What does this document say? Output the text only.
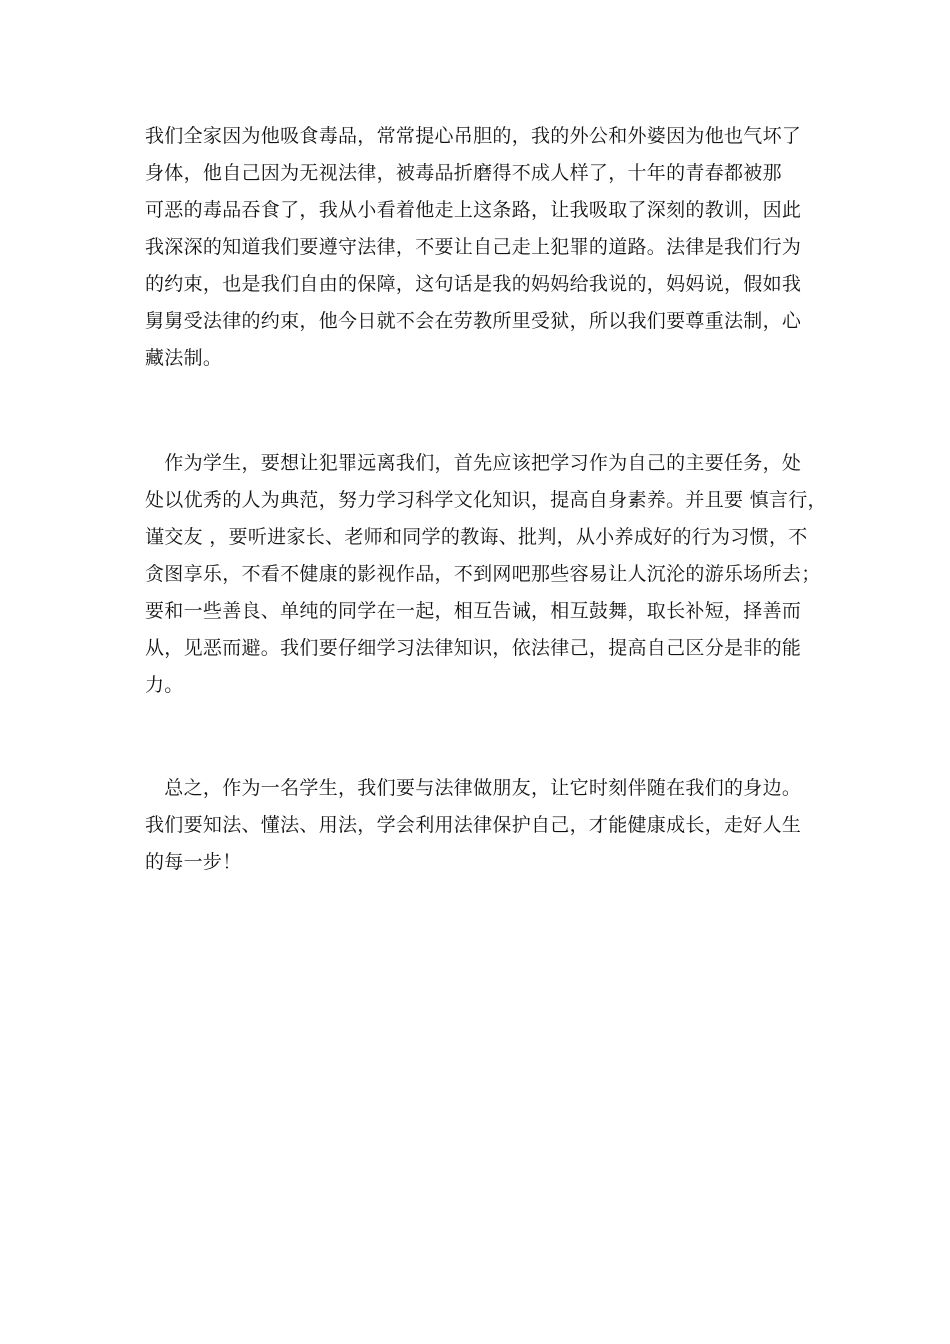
我们全家因为他吸食毒品，常常提心吊胆的，我的外公和外婆因为他也气坏了
身体，他自己因为无视法律，被毒品折磨得不成人样了，十年的青春都被那
可恶的毒品吞食了，我从小看着他走上这条路，让我吸取了深刻的教训，因此
我深深的知道我们要遵守法律，不要让自己走上犯罪的道路。法律是我们行为
的约束，也是我们自由的保障，这句话是我的妈妈给我说的，妈妈说，假如我
舅舅受法律的约束，他今日就不会在劳教所里受狱，所以我们要尊重法制，心
藏法制。
　作为学生，要想让犯罪远离我们，首先应该把学习作为自己的主要任务，处
处以优秀的人为典范，努力学习科学文化知识，提高自身素养。并且要 慎言行，
谨交友 ，要听进家长、老师和同学的教诲、批判，从小养成好的行为习惯，不
贪图享乐，不看不健康的影视作品，不到网吧那些容易让人沉沦的游乐场所去；
要和一些善良、单纯的同学在一起，相互告诫，相互鼓舞，取长补短，择善而
从，见恶而避。我们要仔细学习法律知识，依法律己，提高自己区分是非的能
力。
　总之，作为一名学生，我们要与法律做朋友，让它时刻伴随在我们的身边。
我们要知法、懂法、用法，学会利用法律保护自己，才能健康成长，走好人生
的每一步！
